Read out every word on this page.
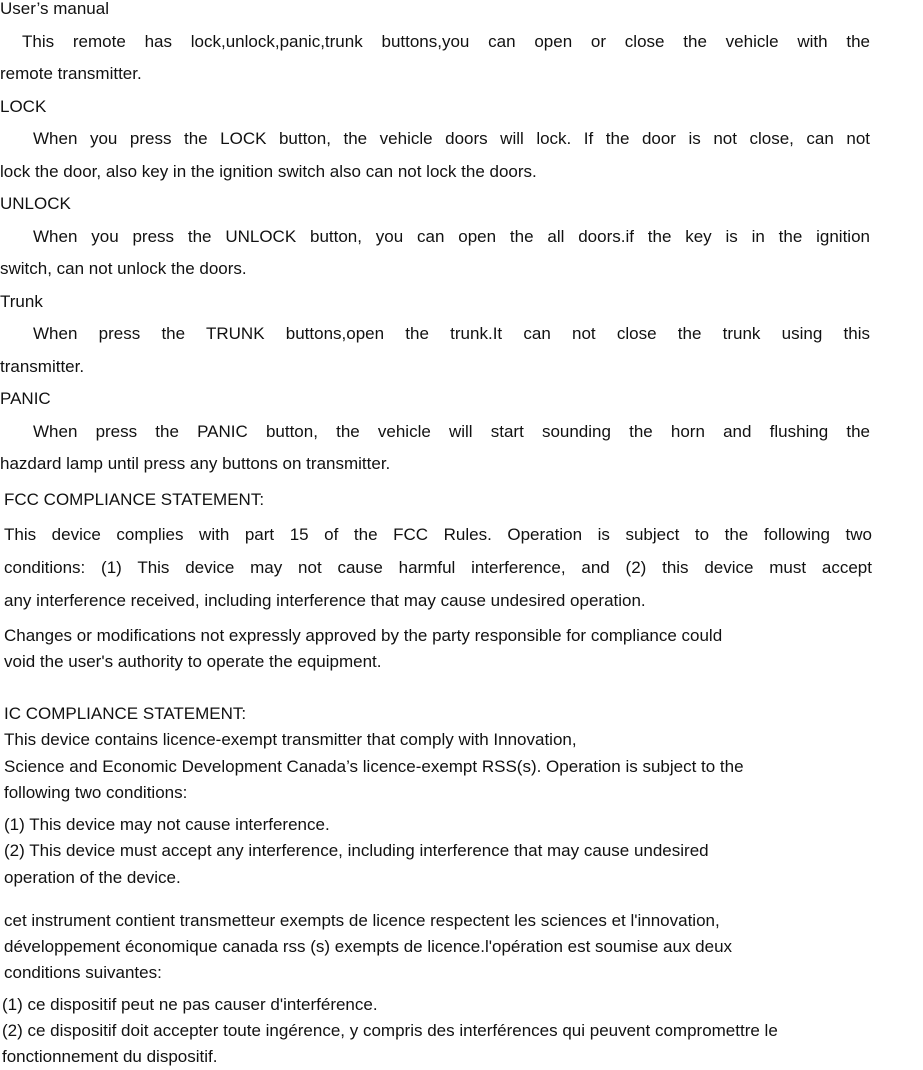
User’s manual
This remote has lock,unlock,panic,trunk buttons,you can open or close the vehicle with the
remote transmitter.
LOCK
When you press the LOCK button, the vehicle doors will lock. If the door is not close, can not
lock the door, also key in the ignition switch also can not lock the doors.
UNLOCK
When you press the UNLOCK button, you can open the all doors.if the key is in the ignition
switch, can not unlock the doors.
Trunk
When press the TRUNK buttons,open the trunk.It can not close the trunk using this
transmitter.
PANIC
When press the PANIC button, the vehicle will start sounding the horn and flushing the
hazdard lamp until press any buttons on transmitter.
FCC COMPLIANCE STATEMENT:
This device complies with part 15 of the FCC Rules. Operation is subject to the following two
conditions: (1) This device may not cause harmful interference, and (2) this device must accept
any interference received, including interference that may cause undesired operation.
Changes or modifications not expressly approved by the party responsible for compliance could
void the user's authority to operate the equipment.
IC COMPLIANCE STATEMENT:
This device contains licence-exempt transmitter that comply with Innovation,
Science and Economic Development Canada’s licence-exempt RSS(s). Operation is subject to the
following two conditions:
(1) This device may not cause interference.
(2) This device must accept any interference, including interference that may cause undesired
operation of the device.
cet instrument contient transmetteur exempts de licence respectent les sciences et l'innovation,
développement économique canada rss (s) exempts de licence.l'opération est soumise aux deux
conditions suivantes:
(1) ce dispositif peut ne pas causer d'interférence.
(2) ce dispositif doit accepter toute ingérence, y compris des interférences qui peuvent compromettre le
fonctionnement du dispositif.
